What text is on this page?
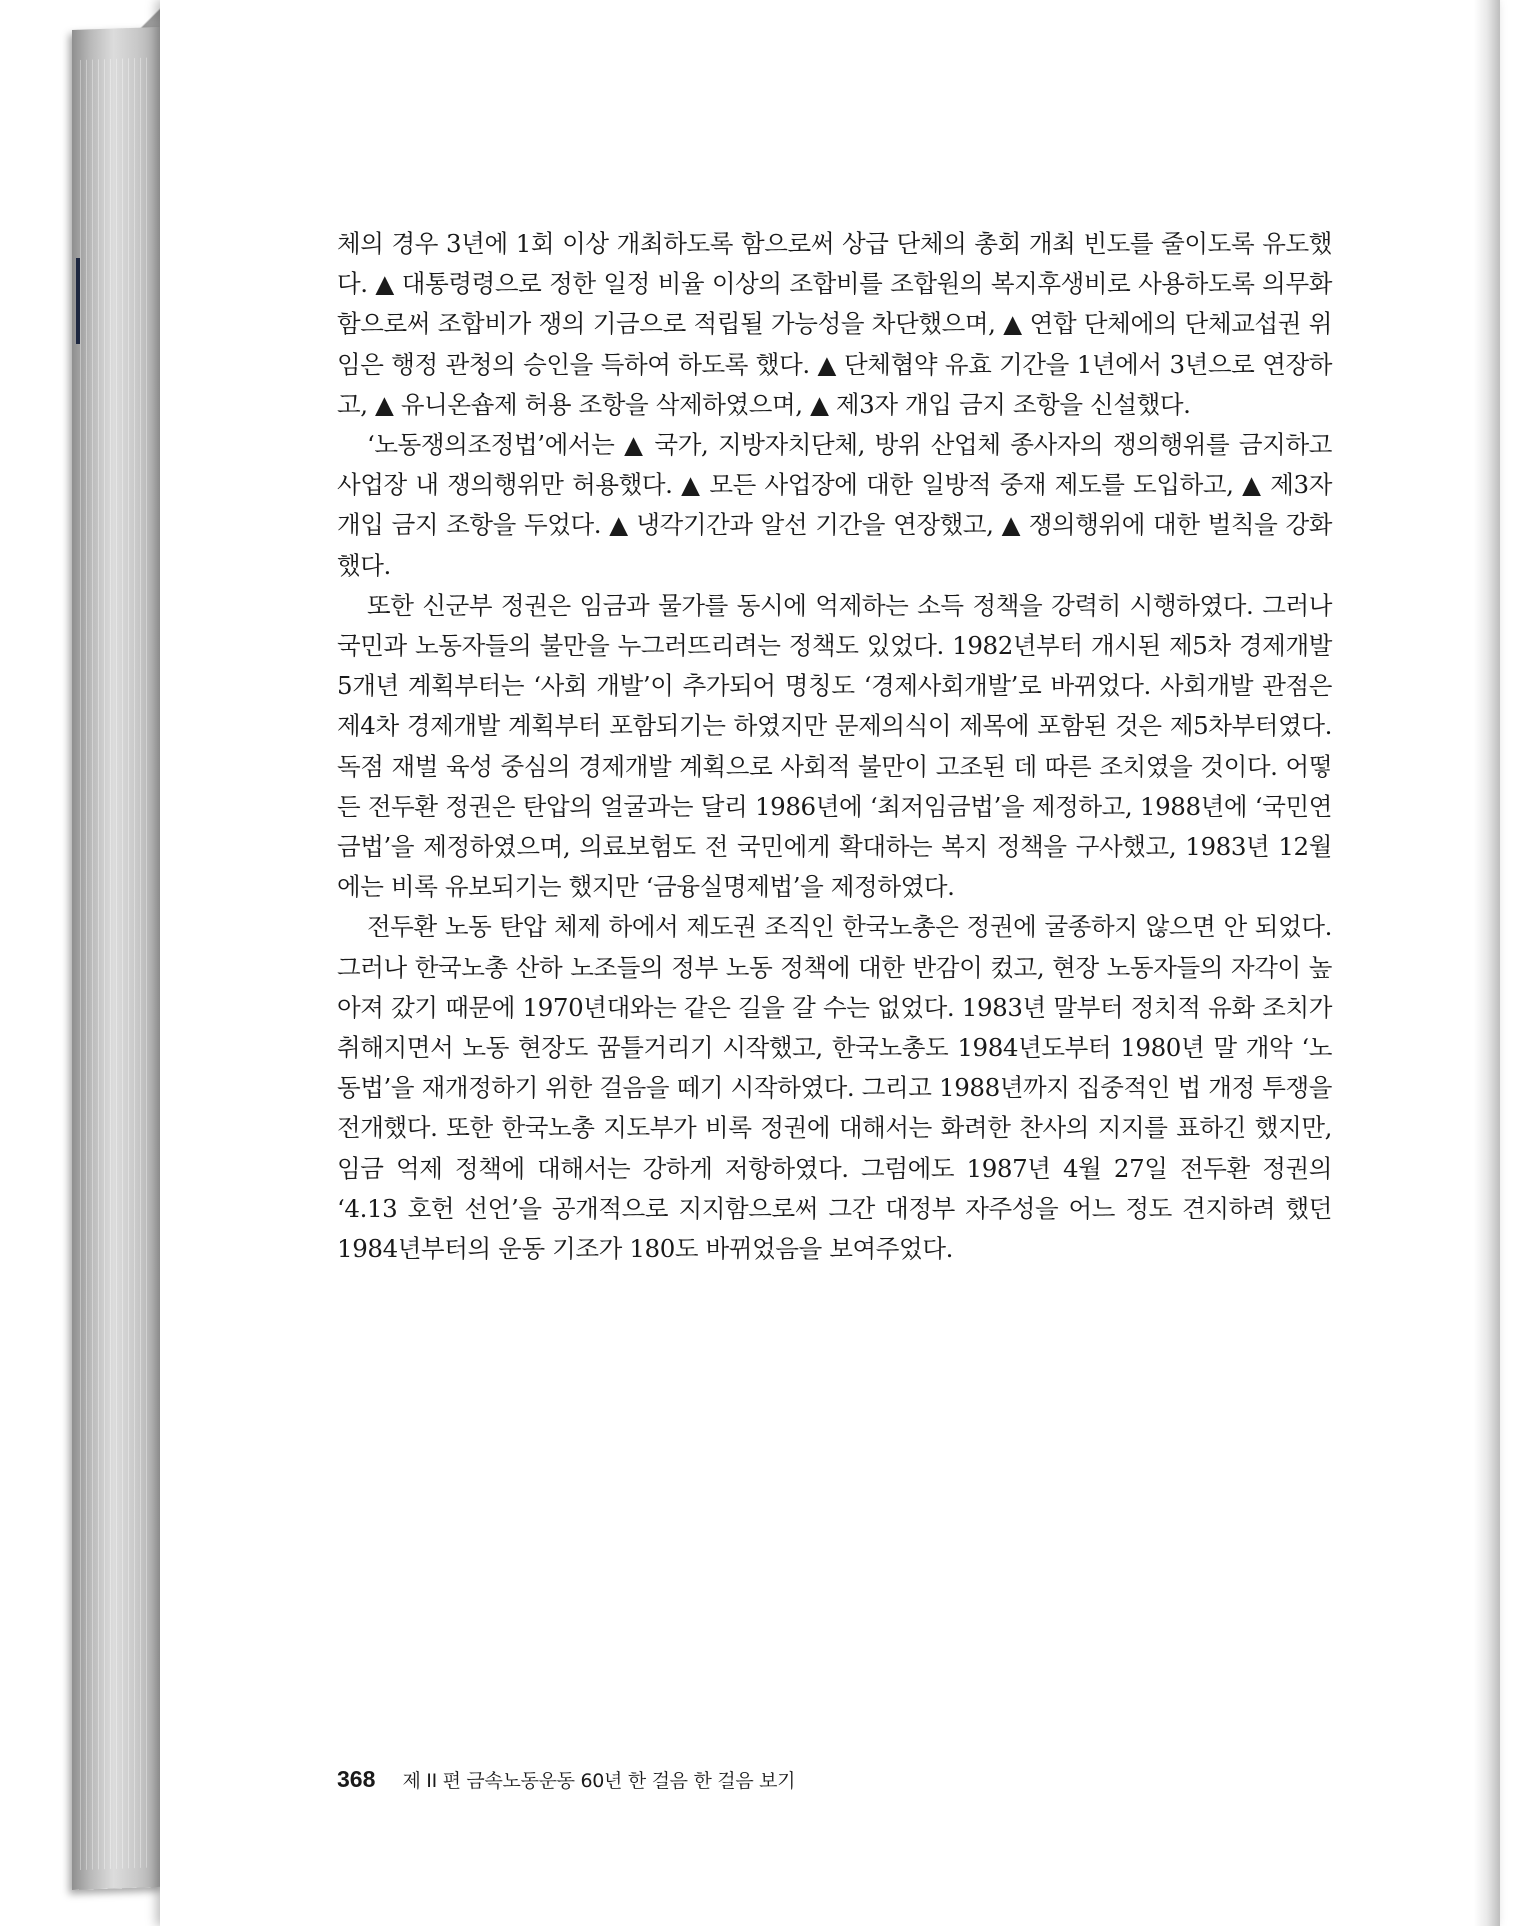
체의 경우 3년에 1회 이상 개최하도록 함으로써 상급 단체의 총회 개최 빈도를 줄이도록 유도했다. ▲ 대통령령으로 정한 일정 비율 이상의 조합비를 조합원의 복지후생비로 사용하도록 의무화함으로써 조합비가 쟁의 기금으로 적립될 가능성을 차단했으며, ▲ 연합 단체에의 단체교섭권 위임은 행정 관청의 승인을 득하여 하도록 했다. ▲ 단체협약 유효 기간을 1년에서 3년으로 연장하고, ▲ 유니온숍제 허용 조항을 삭제하였으며, ▲ 제3자 개입 금지 조항을 신설했다.

‘노동쟁의조정법’에서는 ▲ 국가, 지방자치단체, 방위 산업체 종사자의 쟁의행위를 금지하고 사업장 내 쟁의행위만 허용했다. ▲ 모든 사업장에 대한 일방적 중재 제도를 도입하고, ▲ 제3자 개입 금지 조항을 두었다. ▲ 냉각기간과 알선 기간을 연장했고, ▲ 쟁의행위에 대한 벌칙을 강화했다.

또한 신군부 정권은 임금과 물가를 동시에 억제하는 소득 정책을 강력히 시행하였다. 그러나 국민과 노동자들의 불만을 누그러뜨리려는 정책도 있었다. 1982년부터 개시된 제5차 경제개발 5개년 계획부터는 ‘사회 개발’이 추가되어 명칭도 ‘경제사회개발’로 바뀌었다. 사회개발 관점은 제4차 경제개발 계획부터 포함되기는 하였지만 문제의식이 제목에 포함된 것은 제5차부터였다. 독점 재벌 육성 중심의 경제개발 계획으로 사회적 불만이 고조된 데 따른 조치였을 것이다. 어떻든 전두환 정권은 탄압의 얼굴과는 달리 1986년에 ‘최저임금법’을 제정하고, 1988년에 ‘국민연금법’을 제정하였으며, 의료보험도 전 국민에게 확대하는 복지 정책을 구사했고, 1983년 12월에는 비록 유보되기는 했지만 ‘금융실명제법’을 제정하였다.

전두환 노동 탄압 체제 하에서 제도권 조직인 한국노총은 정권에 굴종하지 않으면 안 되었다. 그러나 한국노총 산하 노조들의 정부 노동 정책에 대한 반감이 컸고, 현장 노동자들의 자각이 높아져 갔기 때문에 1970년대와는 같은 길을 갈 수는 없었다. 1983년 말부터 정치적 유화 조치가 취해지면서 노동 현장도 꿈틀거리기 시작했고, 한국노총도 1984년도부터 1980년 말 개악 ‘노동법’을 재개정하기 위한 걸음을 떼기 시작하였다. 그리고 1988년까지 집중적인 법 개정 투쟁을 전개했다. 또한 한국노총 지도부가 비록 정권에 대해서는 화려한 찬사의 지지를 표하긴 했지만, 임금 억제 정책에 대해서는 강하게 저항하였다. 그럼에도 1987년 4월 27일 전두환 정권의 ‘4.13 호헌 선언’을 공개적으로 지지함으로써 그간 대정부 자주성을 어느 정도 견지하려 했던 1984년부터의 운동 기조가 180도 바뀌었음을 보여주었다.

368 제 II 편 금속노동운동 60년 한 걸음 한 걸음 보기
